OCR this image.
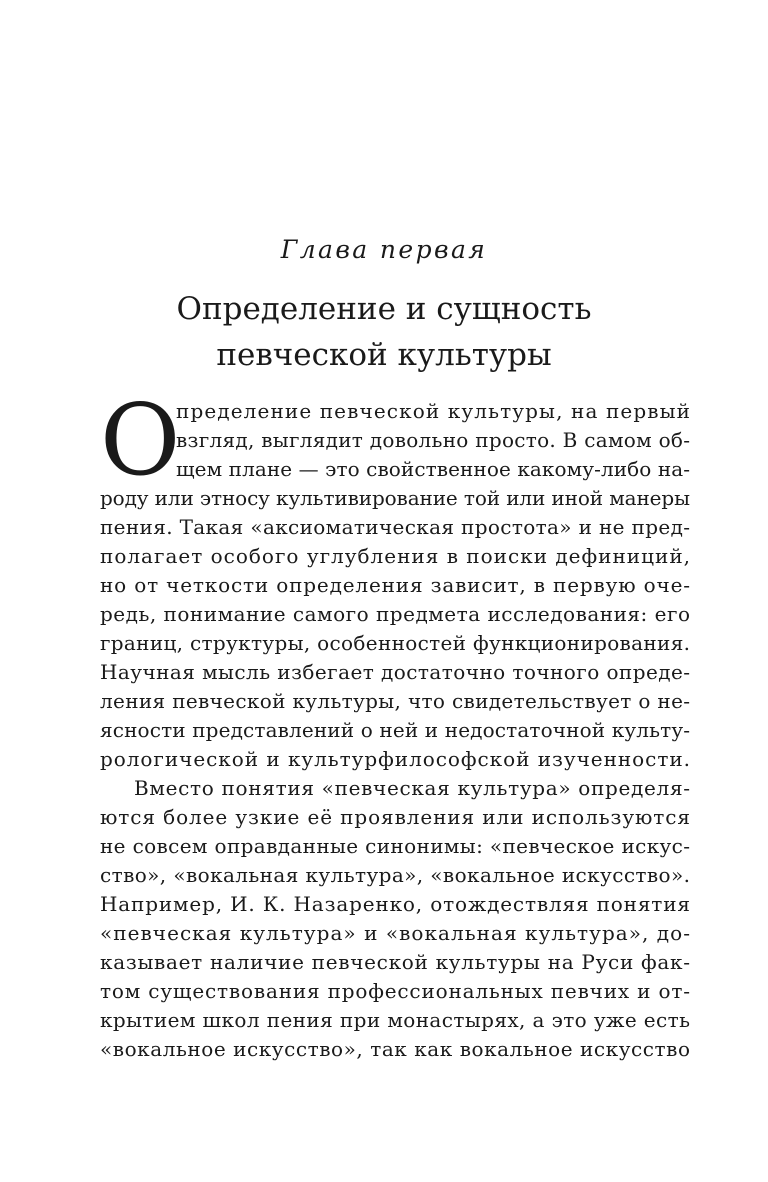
Глава первая
Определение и сущность
певческой культуры
О
пределение певческой культуры, на первый
взгляд, выглядит довольно просто. В самом об-
щем плане — это свойственное какому-либо на-
роду или этносу культивирование той или иной манеры
пения. Такая «аксиоматическая простота» и не пред-
полагает особого углубления в поиски дефиниций,
но от четкости определения зависит, в первую оче-
редь, понимание самого предмета исследования: его
границ, структуры, особенностей функционирования.
Научная мысль избегает достаточно точного опреде-
ления певческой культуры, что свидетельствует о не-
ясности представлений о ней и недостаточной культу-
рологической и культурфилософской изученности.
Вместо понятия «певческая культура» определя-
ются более узкие её проявления или используются
не совсем оправданные синонимы: «певческое искус-
ство», «вокальная культура», «вокальное искусство».
Например, И. К. Назаренко, отождествляя понятия
«певческая культура» и «вокальная культура», до-
казывает наличие певческой культуры на Руси фак-
том существования профессиональных певчих и от-
крытием школ пения при монастырях, а это уже есть
«вокальное искусство», так как вокальное искусство
